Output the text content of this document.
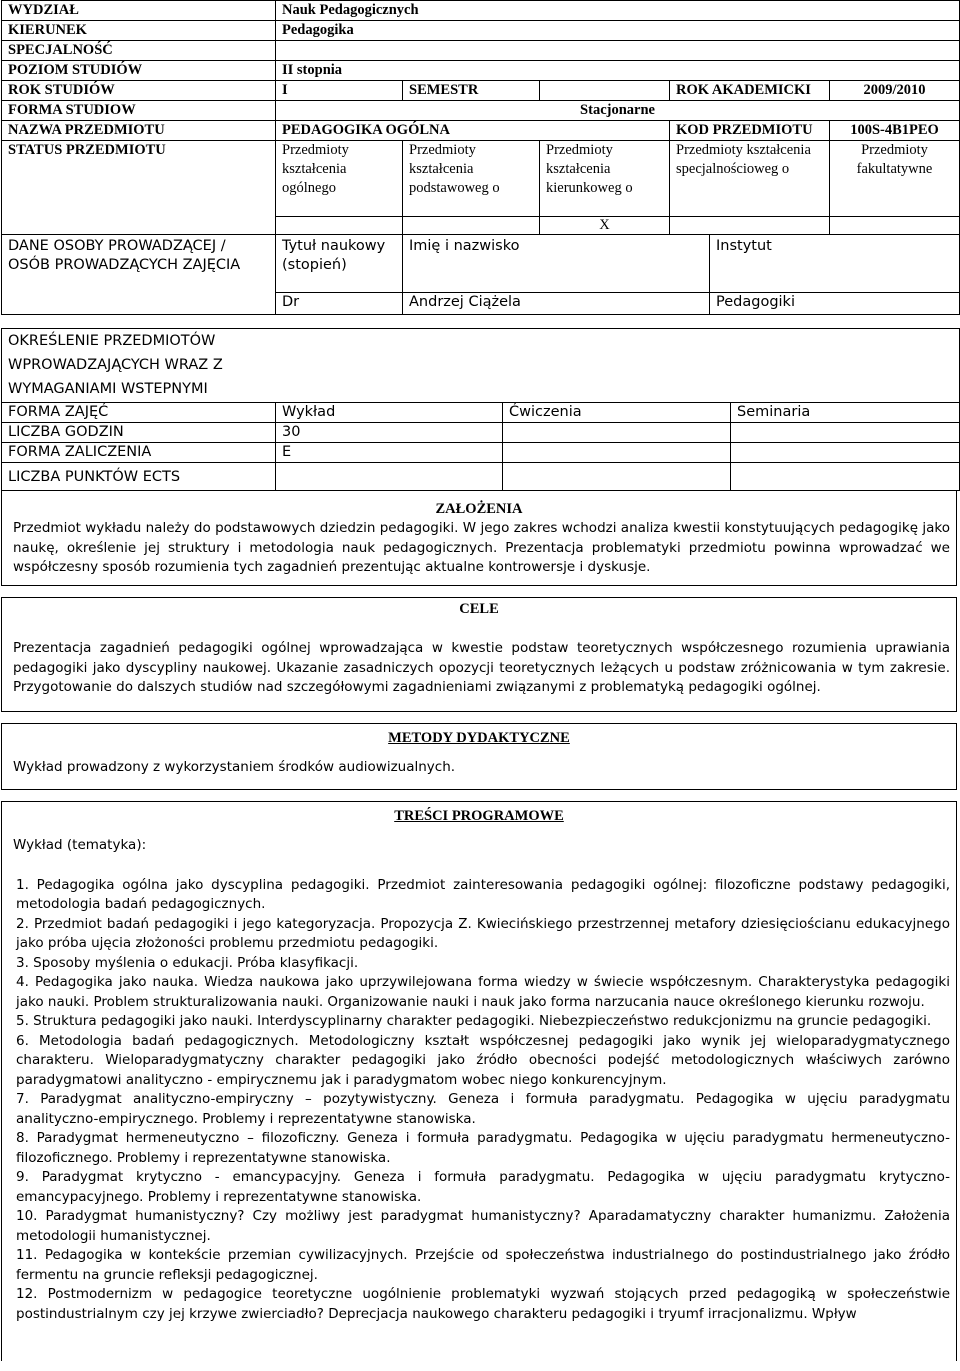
WYDZIAŁ	Nauk Pedagogicznych				
KIERUNEK	Pedagogika				
SPECJALNOŚĆ					
POZIOM STUDIÓW	II stopnia				
ROK STUDIÓW	I	SEMESTR		ROK AKADEMICKI	2009/2010
FORMA STUDIOW	Stacjonarne				
NAZWA PRZEDMIOTU	PEDAGOGIKA OGÓLNA			KOD PRZEDMIOTU	100S-4B1PEO
STATUS PRZEDMIOTU	Przedmioty kształcenia ogólnego	Przedmioty kształcenia podstawoweg o	Przedmioty kształcenia kierunkoweg o	Przedmioty kształcenia specjalnościoweg o	Przedmioty fakultatywne
			X		
DANE OSOBY PROWADZĄCEJ / OSÓB PROWADZĄCYCH ZAJĘCIA	Tytuł naukowy (stopień)	Imię i nazwisko	Instytut
	Dr	Andrzej Ciążela	Pedagogiki
OKREŚLENIE PRZEDMIOTÓW WPROWADZAJĄCYCH WRAZ Z WYMAGANIAMI WSTEPNYMI			

FORMA ZAJĘĆ	Wykład	Ćwiczenia	Seminaria
LICZBA GODZIN	30		
FORMA ZALICZENIA	E		
LICZBA PUNKTÓW ECTS			
ZAŁOŻENIA
Przedmiot wykładu należy do podstawowych dziedzin pedagogiki. W jego zakres wchodzi analiza kwestii konstytuujących pedagogikę jako naukę, określenie jej struktury i metodologia nauk pedagogicznych. Prezentacja problematyki przedmiotu powinna wprowadzać we współczesny sposób rozumienia tych zagadnień prezentując aktualne kontrowersje i dyskusje.
CELE
Prezentacja zagadnień pedagogiki ogólnej wprowadzająca w kwestie podstaw teoretycznych współczesnego rozumienia uprawiania pedagogiki jako dyscypliny naukowej. Ukazanie zasadniczych opozycji teoretycznych leżących u podstaw zróżnicowania w tym zakresie. Przygotowanie do dalszych studiów nad szczegółowymi zagadnieniami związanymi z problematyką pedagogiki ogólnej.
METODY DYDAKTYCZNE
Wykład prowadzony z wykorzystaniem środków audiowizualnych.
TREŚCI PROGRAMOWE
Wykład (tematyka):
1. Pedagogika ogólna jako dyscyplina pedagogiki. Przedmiot zainteresowania pedagogiki ogólnej: filozoficzne podstawy pedagogiki, metodologia badań pedagogicznych.
2. Przedmiot badań pedagogiki i jego kategoryzacja. Propozycja Z. Kwiecińskiego przestrzennej metafory dziesięciościanu edukacyjnego jako próba ujęcia złożoności problemu przedmiotu pedagogiki.
3. Sposoby myślenia o edukacji. Próba klasyfikacji.
4. Pedagogika jako nauka. Wiedza naukowa jako uprzywilejowana forma wiedzy w świecie współczesnym. Charakterystyka pedagogiki jako nauki. Problem strukturalizowania nauki. Organizowanie nauki i nauk jako forma narzucania nauce określonego kierunku rozwoju.
5. Struktura pedagogiki jako nauki. Interdyscyplinarny charakter pedagogiki. Niebezpieczeństwo redukcjonizmu na gruncie pedagogiki.
6. Metodologia badań pedagogicznych. Metodologiczny kształt współczesnej pedagogiki jako wynik jej wieloparadygmatycznego charakteru. Wieloparadygmatyczny charakter pedagogiki jako źródło obecności podejść metodologicznych właściwych zarówno paradygmatowi analityczno - empirycznemu jak i paradygmatom wobec niego konkurencyjnym.
7. Paradygmat analityczno-empiryczny – pozytywistyczny. Geneza i formuła paradygmatu. Pedagogika w ujęciu paradygmatu analityczno-empirycznego. Problemy i reprezentatywne stanowiska.
8. Paradygmat hermeneutyczno – filozoficzny. Geneza i formuła paradygmatu. Pedagogika w ujęciu paradygmatu hermeneutyczno-filozoficznego. Problemy i reprezentatywne stanowiska.
9. Paradygmat krytyczno - emancypacyjny. Geneza i formuła paradygmatu. Pedagogika w ujęciu paradygmatu krytyczno-emancypacyjnego. Problemy i reprezentatywne stanowiska.
10. Paradygmat humanistyczny? Czy możliwy jest paradygmat humanistyczny? Aparadamatyczny charakter humanizmu. Założenia metodologii humanistycznej.
11. Pedagogika w kontekście przemian cywilizacyjnych. Przejście od społeczeństwa industrialnego do postindustrialnego jako źródło fermentu na gruncie refleksji pedagogicznej.
12. Postmodernizm w pedagogice teoretyczne uogólnienie problematyki wyzwań stojących przed pedagogiką w społeczeństwie postindustrialnym czy jej krzywe zwierciadło? Deprecjacja naukowego charakteru pedagogiki i tryumf irracjonalizmu. Wpływ
